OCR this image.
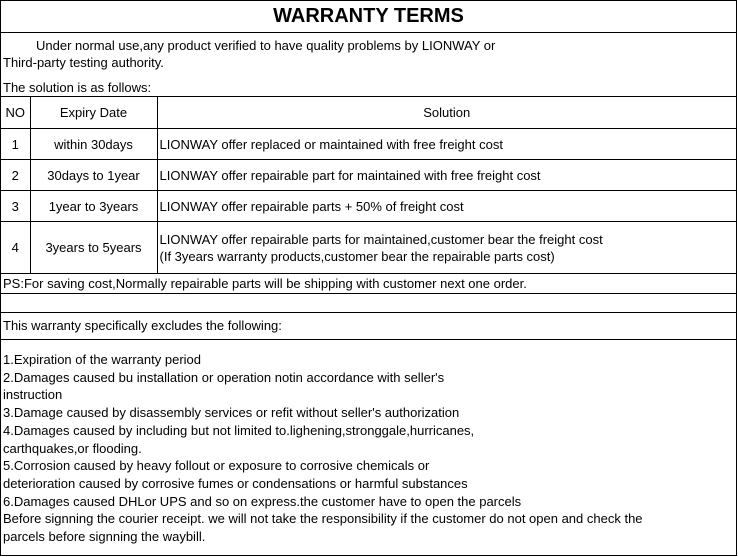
WARRANTY TERMS
Under normal use,any product verified to have quality problems by LIONWAY or
Third-party testing authority.
The solution is as follows:
NO	Expiry Date	Solution
1	within 30days	LIONWAY offer replaced or maintained with free freight cost
2	30days to 1year	LIONWAY offer repairable part for maintained with free freight cost
3	1year to 3years	LIONWAY offer repairable parts + 50% of freight cost
4	3years to 5years	LIONWAY offer repairable parts for maintained,customer bear the freight cost
(If 3years warranty products,customer bear the repairable parts cost)
PS:For saving cost,Normally repairable parts will be shipping with customer next one order.
This warranty specifically excludes the following:
1.Expiration of the warranty period
2.Damages caused bu installation or operation notin accordance with seller's
instruction
3.Damage caused by disassembly services or refit without seller's authorization
4.Damages caused by including but not limited to.lighening,stronggale,hurricanes,
carthquakes,or flooding.
5.Corrosion caused by heavy follout or exposure to corrosive chemicals or
deterioration caused by corrosive fumes or condensations or harmful substances
6.Damages caused DHLor UPS and so on express.the customer have to open the parcels
Before signning the courier receipt. we will not take the responsibility if the customer do not open and check the
parcels before signning the waybill.
